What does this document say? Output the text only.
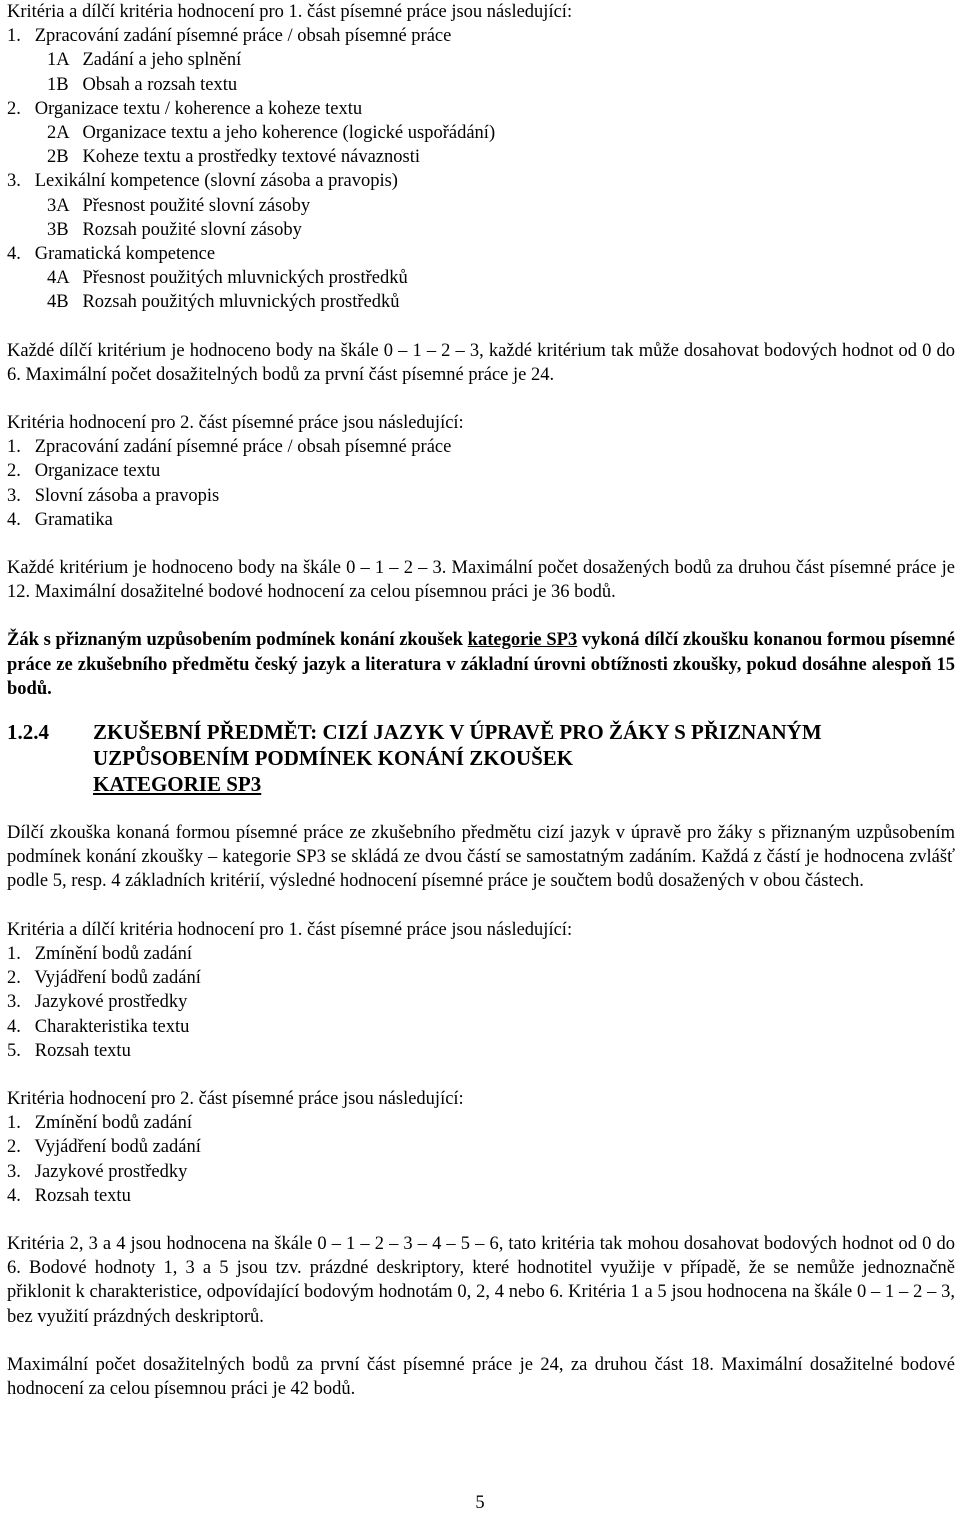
Kritéria a dílčí kritéria hodnocení pro 1. část písemné práce jsou následující:
1. Zpracování zadání písemné práce / obsah písemné práce
1A Zadání a jeho splnění
1B Obsah a rozsah textu
2. Organizace textu / koherence a koheze textu
2A Organizace textu a jeho koherence (logické uspořádání)
2B Koheze textu a prostředky textové návaznosti
3. Lexikální kompetence (slovní zásoba a pravopis)
3A Přesnost použité slovní zásoby
3B Rozsah použité slovní zásoby
4. Gramatická kompetence
4A Přesnost použitých mluvnických prostředků
4B Rozsah použitých mluvnických prostředků
Každé dílčí kritérium je hodnoceno body na škále 0 – 1 – 2 – 3, každé kritérium tak může dosahovat bodových hodnot od 0 do 6. Maximální počet dosažitelných bodů za první část písemné práce je 24.
Kritéria hodnocení pro 2. část písemné práce jsou následující:
1. Zpracování zadání písemné práce / obsah písemné práce
2. Organizace textu
3. Slovní zásoba a pravopis
4. Gramatika
Každé kritérium je hodnoceno body na škále 0 – 1 – 2 – 3. Maximální počet dosažených bodů za druhou část písemné práce je 12. Maximální dosažitelné bodové hodnocení za celou písemnou práci je 36 bodů.
Žák s přiznaným uzpůsobením podmínek konání zkoušek kategorie SP3 vykoná dílčí zkoušku konanou formou písemné práce ze zkušebního předmětu český jazyk a literatura v základní úrovni obtížnosti zkoušky, pokud dosáhne alespoň 15 bodů.
1.2.4	ZKUŠEBNÍ PŘEDMĚT: CIZÍ JAZYK V ÚPRAVĚ PRO ŽÁKY S PŘIZNANÝM
UZPŮSOBENÍM PODMÍNEK KONÁNÍ ZKOUŠEK
KATEGORIE SP3
Dílčí zkouška konaná formou písemné práce ze zkušebního předmětu cizí jazyk v úpravě pro žáky s přiznaným uzpůsobením podmínek konání zkoušky – kategorie SP3 se skládá ze dvou částí se samostatným zadáním. Každá z částí je hodnocena zvlášť podle 5, resp. 4 základních kritérií, výsledné hodnocení písemné práce je součtem bodů dosažených v obou částech.
Kritéria a dílčí kritéria hodnocení pro 1. část písemné práce jsou následující:
1. Zmínění bodů zadání
2. Vyjádření bodů zadání
3. Jazykové prostředky
4. Charakteristika textu
5. Rozsah textu
Kritéria hodnocení pro 2. část písemné práce jsou následující:
1. Zmínění bodů zadání
2. Vyjádření bodů zadání
3. Jazykové prostředky
4. Rozsah textu
Kritéria 2, 3 a 4 jsou hodnocena na škále 0 – 1 – 2 – 3 – 4 – 5 – 6, tato kritéria tak mohou dosahovat bodových hodnot od 0 do 6. Bodové hodnoty 1, 3 a 5 jsou tzv. prázdné deskriptory, které hodnotitel využije v případě, že se nemůže jednoznačně přiklonit k charakteristice, odpovídající bodovým hodnotám 0, 2, 4 nebo 6. Kritéria 1 a 5 jsou hodnocena na škále 0 – 1 – 2 – 3, bez využití prázdných deskriptorů.
Maximální počet dosažitelných bodů za první část písemné práce je 24, za druhou část 18. Maximální dosažitelné bodové hodnocení za celou písemnou práci je 42 bodů.
5
